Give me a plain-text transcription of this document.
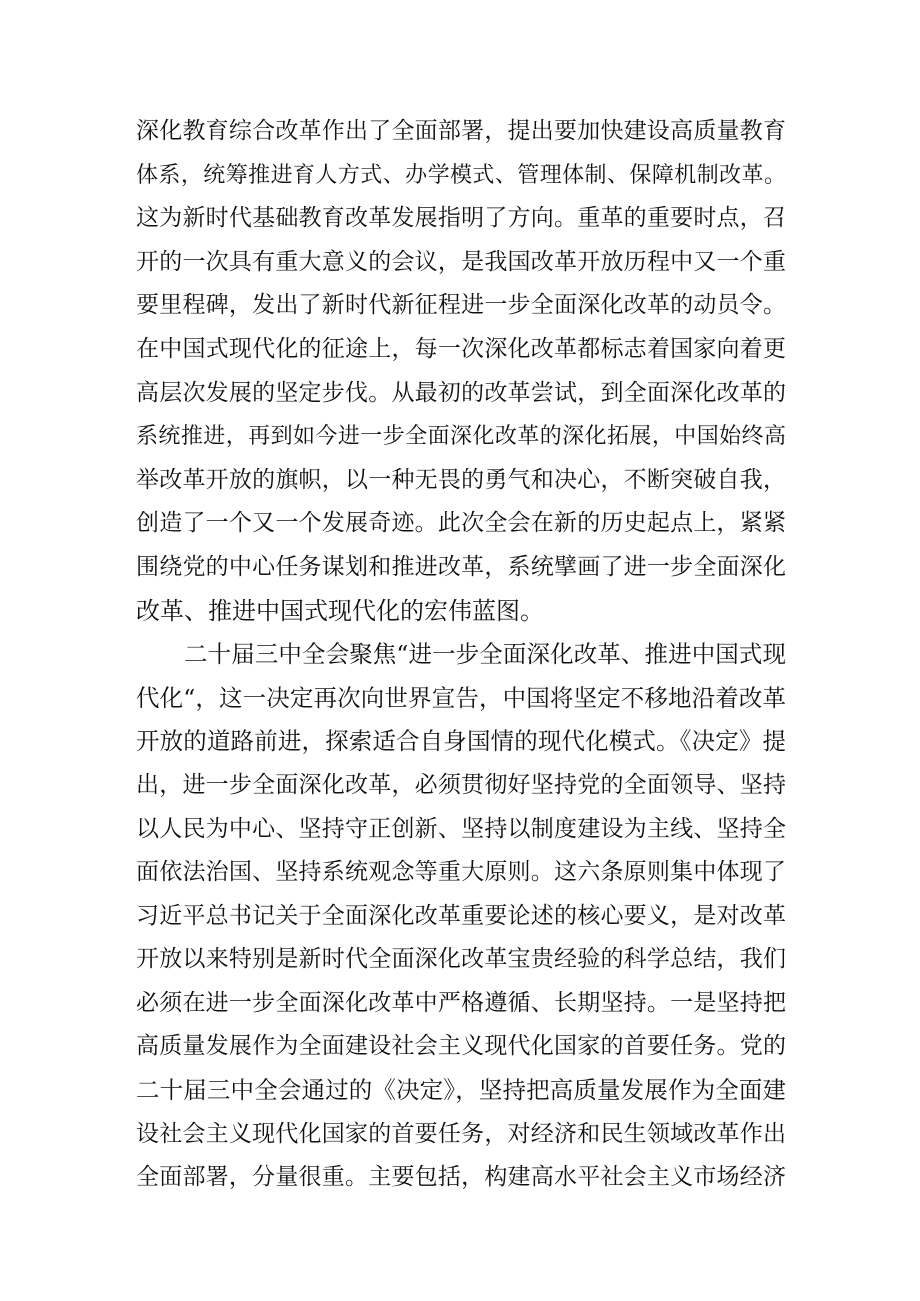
深化教育综合改革作出了全面部署，提出要加快建设高质量教育
体系，统筹推进育人方式、办学模式、管理体制、保障机制改革。
这为新时代基础教育改革发展指明了方向。重革的重要时点，召
开的一次具有重大意义的会议，是我国改革开放历程中又一个重
要里程碑，发出了新时代新征程进一步全面深化改革的动员令。
在中国式现代化的征途上，每一次深化改革都标志着国家向着更
高层次发展的坚定步伐。从最初的改革尝试，到全面深化改革的
系统推进，再到如今进一步全面深化改革的深化拓展，中国始终高
举改革开放的旗帜，以一种无畏的勇气和决心，不断突破自我，
创造了一个又一个发展奇迹。此次全会在新的历史起点上，紧紧
围绕党的中心任务谋划和推进改革，系统擘画了进一步全面深化
改革、推进中国式现代化的宏伟蓝图。
二十届三中全会聚焦“进一步全面深化改革、推进中国式现
代化“，这一决定再次向世界宣告，中国将坚定不移地沿着改革
开放的道路前进，探索适合自身国情的现代化模式。《决定》提
出，进一步全面深化改革，必须贯彻好坚持党的全面领导、坚持
以人民为中心、坚持守正创新、坚持以制度建设为主线、坚持全
面依法治国、坚持系统观念等重大原则。这六条原则集中体现了
习近平总书记关于全面深化改革重要论述的核心要义，是对改革
开放以来特别是新时代全面深化改革宝贵经验的科学总结，我们
必须在进一步全面深化改革中严格遵循、长期坚持。一是坚持把
高质量发展作为全面建设社会主义现代化国家的首要任务。党的
二十届三中全会通过的《决定》，坚持把高质量发展作为全面建
设社会主义现代化国家的首要任务，对经济和民生领域改革作出
全面部署，分量很重。主要包括，构建高水平社会主义市场经济
